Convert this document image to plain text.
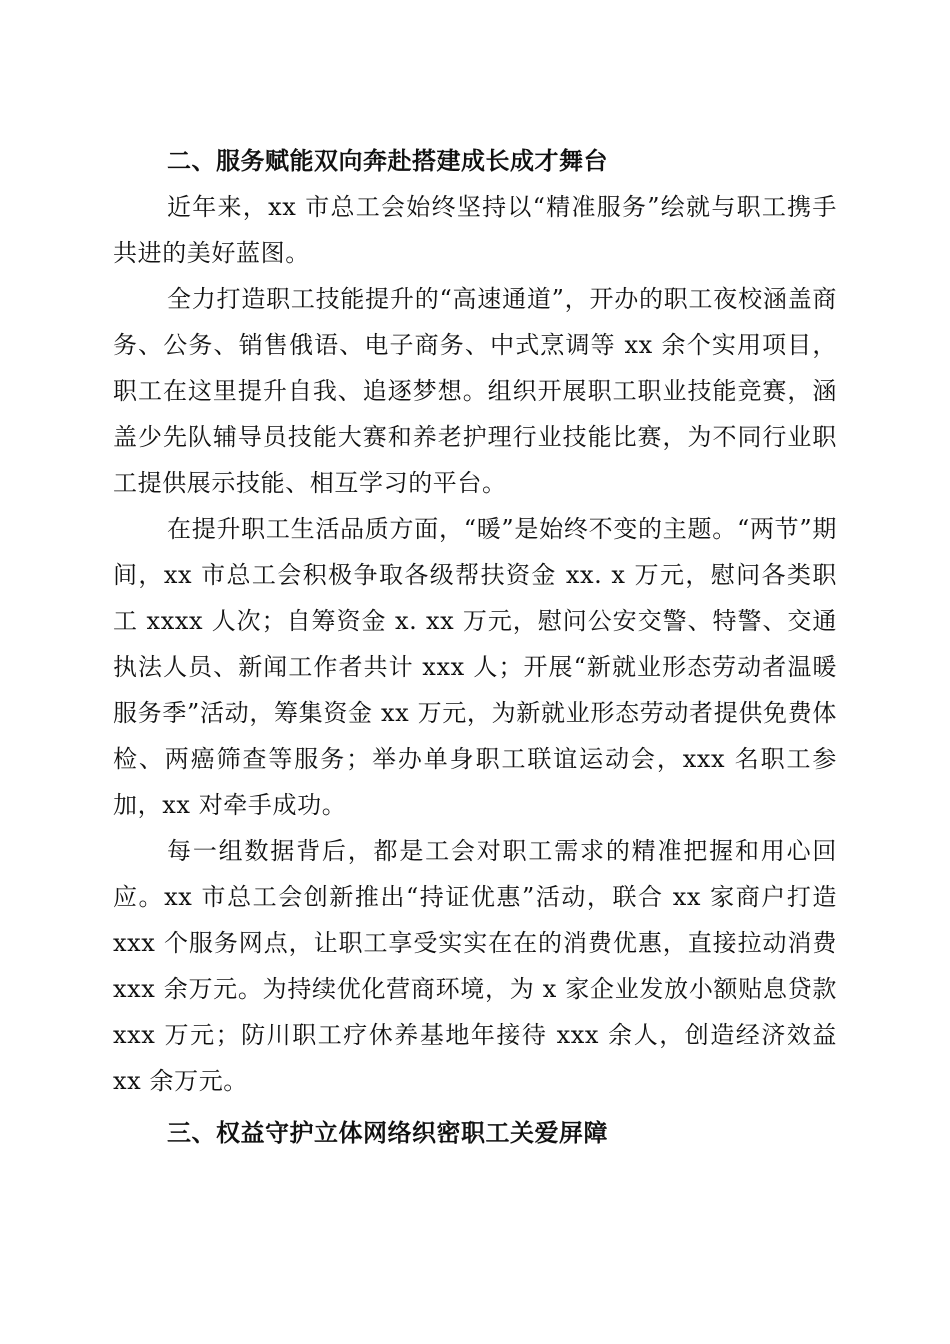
二、服务赋能双向奔赴搭建成长成才舞台

近年来，xx 市总工会始终坚持以“精准服务”绘就与职工携手共进的美好蓝图。

全力打造职工技能提升的“高速通道”，开办的职工夜校涵盖商务、公务、销售俄语、电子商务、中式烹调等 xx 余个实用项目，职工在这里提升自我、追逐梦想。组织开展职工职业技能竞赛，涵盖少先队辅导员技能大赛和养老护理行业技能比赛，为不同行业职工提供展示技能、相互学习的平台。

在提升职工生活品质方面，“暖”是始终不变的主题。“两节”期间，xx 市总工会积极争取各级帮扶资金 xx. x 万元，慰问各类职工 xxxx 人次；自筹资金 x. xx 万元，慰问公安交警、特警、交通执法人员、新闻工作者共计 xxx 人；开展“新就业形态劳动者温暖服务季”活动，筹集资金 xx 万元，为新就业形态劳动者提供免费体检、两癌筛查等服务；举办单身职工联谊运动会，xxx 名职工参加，xx 对牵手成功。

每一组数据背后，都是工会对职工需求的精准把握和用心回应。xx 市总工会创新推出“持证优惠”活动，联合 xx 家商户打造 xxx 个服务网点，让职工享受实实在在的消费优惠，直接拉动消费 xxx 余万元。为持续优化营商环境，为 x 家企业发放小额贴息贷款 xxx 万元；防川职工疗休养基地年接待 xxx 余人，创造经济效益 xx 余万元。

三、权益守护立体网络织密职工关爱屏障
